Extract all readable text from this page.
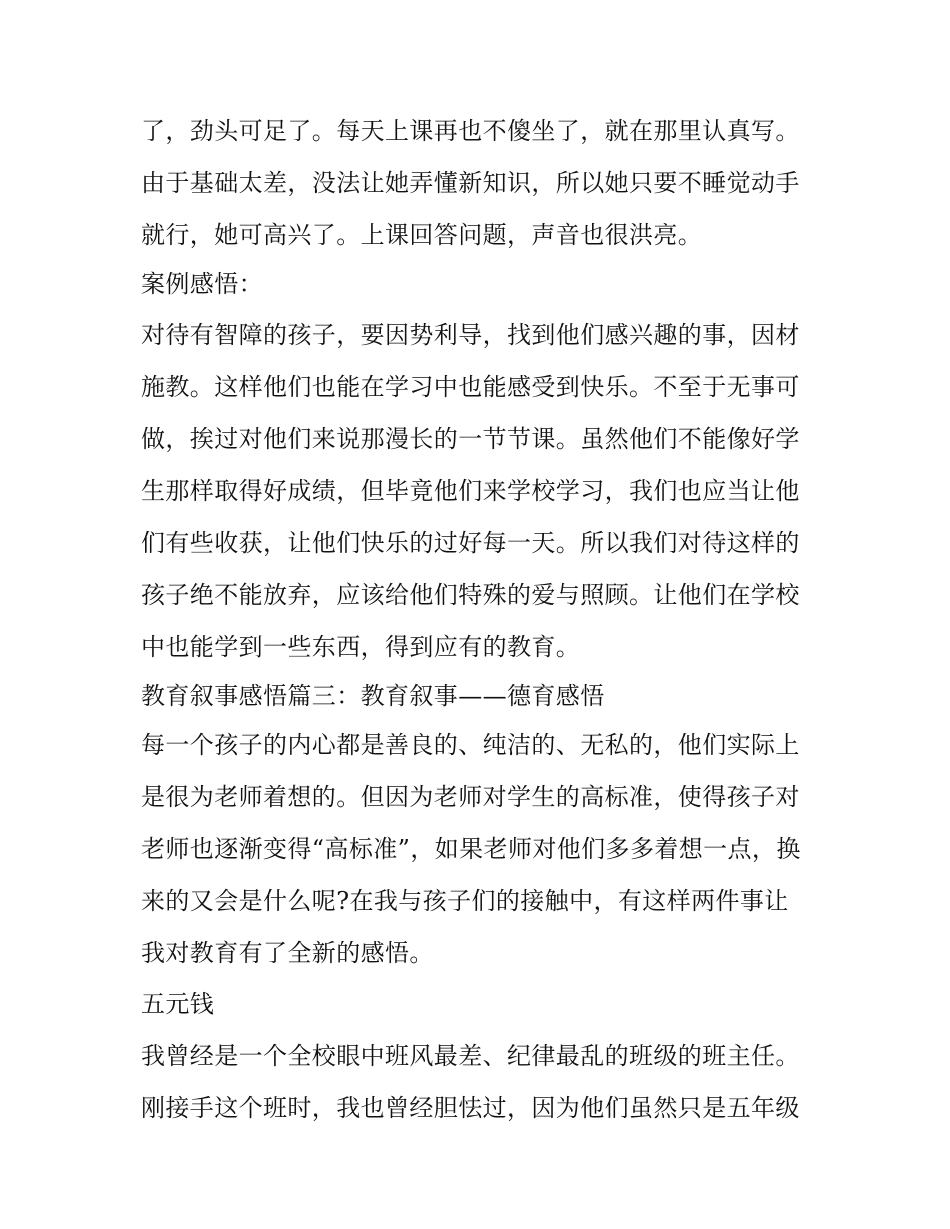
了，劲头可足了。每天上课再也不傻坐了，就在那里认真写。
由于基础太差，没法让她弄懂新知识，所以她只要不睡觉动手
就行，她可高兴了。上课回答问题，声音也很洪亮。
案例感悟：
对待有智障的孩子，要因势利导，找到他们感兴趣的事，因材
施教。这样他们也能在学习中也能感受到快乐。不至于无事可
做，挨过对他们来说那漫长的一节节课。虽然他们不能像好学
生那样取得好成绩，但毕竟他们来学校学习，我们也应当让他
们有些收获，让他们快乐的过好每一天。所以我们对待这样的
孩子绝不能放弃，应该给他们特殊的爱与照顾。让他们在学校
中也能学到一些东西，得到应有的教育。
教育叙事感悟篇三：教育叙事——德育感悟
每一个孩子的内心都是善良的、纯洁的、无私的，他们实际上
是很为老师着想的。但因为老师对学生的高标准，使得孩子对
老师也逐渐变得“高标准”，如果老师对他们多多着想一点，换
来的又会是什么呢?在我与孩子们的接触中，有这样两件事让
我对教育有了全新的感悟。
五元钱
我曾经是一个全校眼中班风最差、纪律最乱的班级的班主任。
刚接手这个班时，我也曾经胆怯过，因为他们虽然只是五年级
